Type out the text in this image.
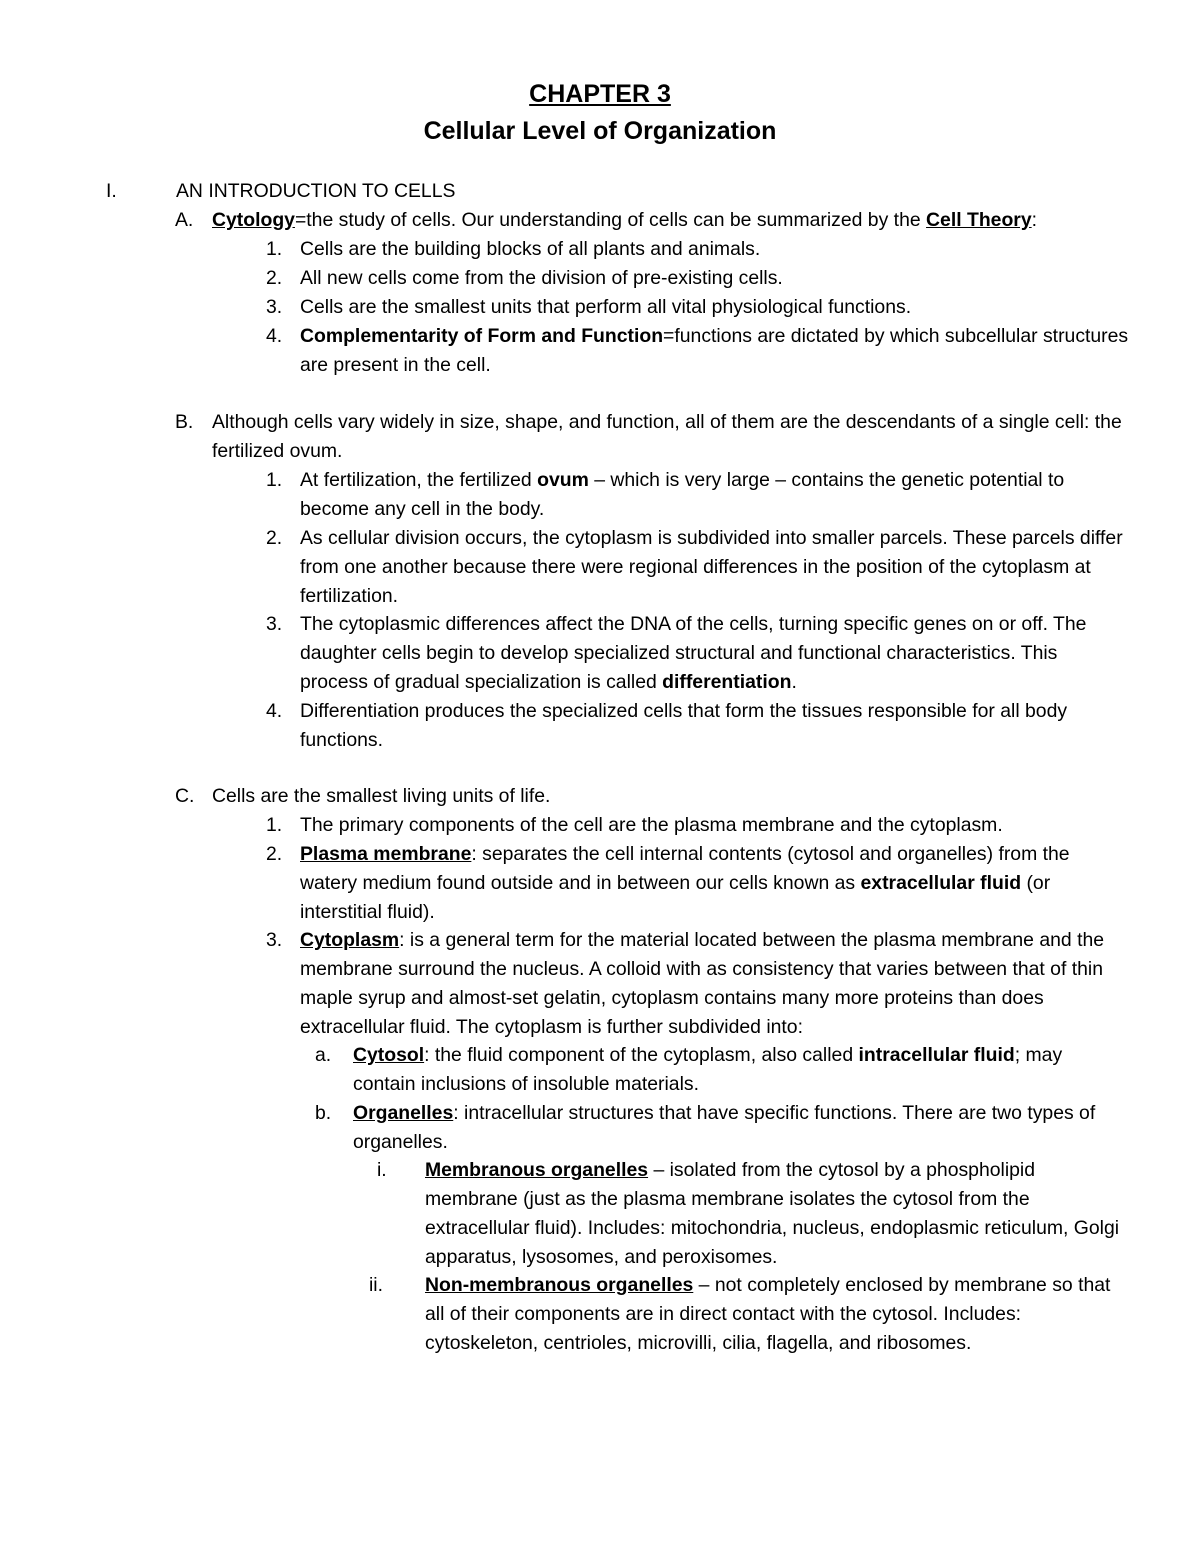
CHAPTER 3
Cellular Level of Organization
I.	AN INTRODUCTION TO CELLS
A. Cytology=the study of cells. Our understanding of cells can be summarized by the Cell Theory:
1. Cells are the building blocks of all plants and animals.
2. All new cells come from the division of pre-existing cells.
3. Cells are the smallest units that perform all vital physiological functions.
4. Complementarity of Form and Function=functions are dictated by which subcellular structures are present in the cell.
B. Although cells vary widely in size, shape, and function, all of them are the descendants of a single cell: the fertilized ovum.
1. At fertilization, the fertilized ovum – which is very large – contains the genetic potential to become any cell in the body.
2. As cellular division occurs, the cytoplasm is subdivided into smaller parcels. These parcels differ from one another because there were regional differences in the position of the cytoplasm at fertilization.
3. The cytoplasmic differences affect the DNA of the cells, turning specific genes on or off. The daughter cells begin to develop specialized structural and functional characteristics. This process of gradual specialization is called differentiation.
4. Differentiation produces the specialized cells that form the tissues responsible for all body functions.
C. Cells are the smallest living units of life.
1. The primary components of the cell are the plasma membrane and the cytoplasm.
2. Plasma membrane: separates the cell internal contents (cytosol and organelles) from the watery medium found outside and in between our cells known as extracellular fluid (or interstitial fluid).
3. Cytoplasm: is a general term for the material located between the plasma membrane and the membrane surround the nucleus. A colloid with as consistency that varies between that of thin maple syrup and almost-set gelatin, cytoplasm contains many more proteins than does extracellular fluid. The cytoplasm is further subdivided into:
a. Cytosol: the fluid component of the cytoplasm, also called intracellular fluid; may contain inclusions of insoluble materials.
b. Organelles: intracellular structures that have specific functions. There are two types of organelles.
i. Membranous organelles – isolated from the cytosol by a phospholipid membrane (just as the plasma membrane isolates the cytosol from the extracellular fluid). Includes: mitochondria, nucleus, endoplasmic reticulum, Golgi apparatus, lysosomes, and peroxisomes.
ii. Non-membranous organelles – not completely enclosed by membrane so that all of their components are in direct contact with the cytosol. Includes: cytoskeleton, centrioles, microvilli, cilia, flagella, and ribosomes.
